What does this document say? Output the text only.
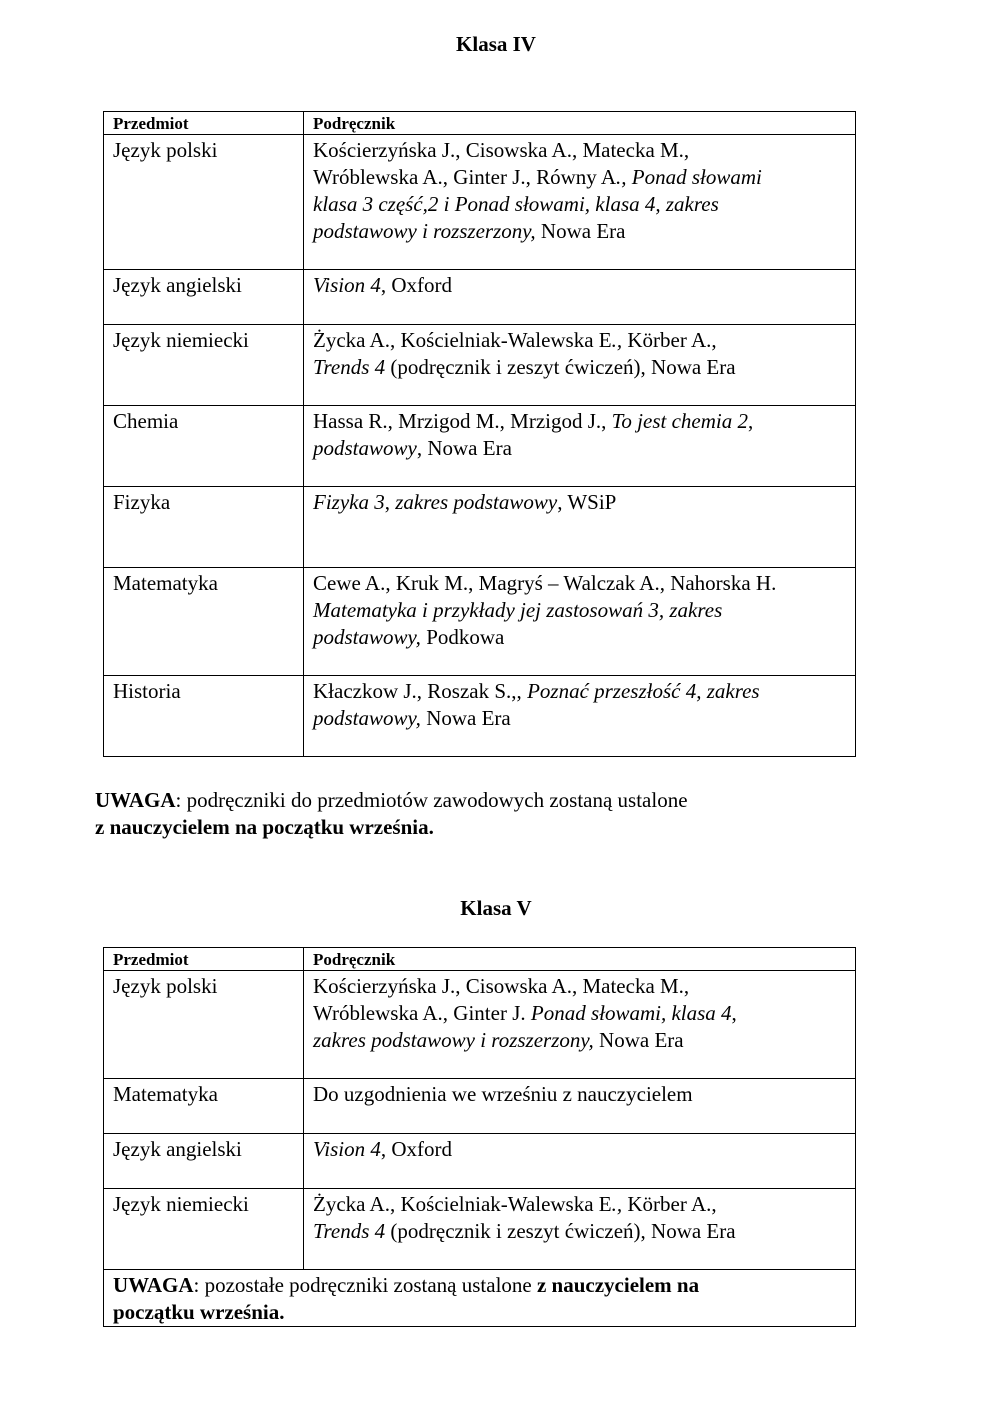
Klasa IV
Przedmiot	Podręcznik
Język polski	Kościerzyńska J., Cisowska A., Matecka M.,
Wróblewska A., Ginter J., Równy A., Ponad słowami
klasa 3 część,2 i Ponad słowami, klasa 4, zakres
podstawowy i rozszerzony, Nowa Era

Język angielski	Vision 4, Oxford

Język niemiecki	Życka A., Kościelniak-Walewska E., Körber A.,
Trends 4 (podręcznik i zeszyt ćwiczeń), Nowa Era

Chemia	Hassa R., Mrzigod M., Mrzigod J., To jest chemia 2,
podstawowy, Nowa Era

Fizyka	Fizyka 3, zakres podstawowy, WSiP

Matematyka	Cewe A., Kruk M., Magryś – Walczak A., Nahorska H.
Matematyka i przykłady jej zastosowań 3, zakres
podstawowy, Podkowa

Historia	Kłaczkow J., Roszak S.,, Poznać przeszłość 4, zakres
podstawowy, Nowa Era

UWAGA: podręczniki do przedmiotów zawodowych zostaną ustalone
z nauczycielem na początku września.

Klasa V
Przedmiot	Podręcznik
Język polski	Kościerzyńska J., Cisowska A., Matecka M.,
Wróblewska A., Ginter J. Ponad słowami, klasa 4,
zakres podstawowy i rozszerzony, Nowa Era

Matematyka	Do uzgodnienia we wrześniu z nauczycielem

Język angielski	Vision 4, Oxford

Język niemiecki	Życka A., Kościelniak-Walewska E., Körber A.,
Trends 4 (podręcznik i zeszyt ćwiczeń), Nowa Era

UWAGA: pozostałe podręczniki zostaną ustalone z nauczycielem na
początku września.	
